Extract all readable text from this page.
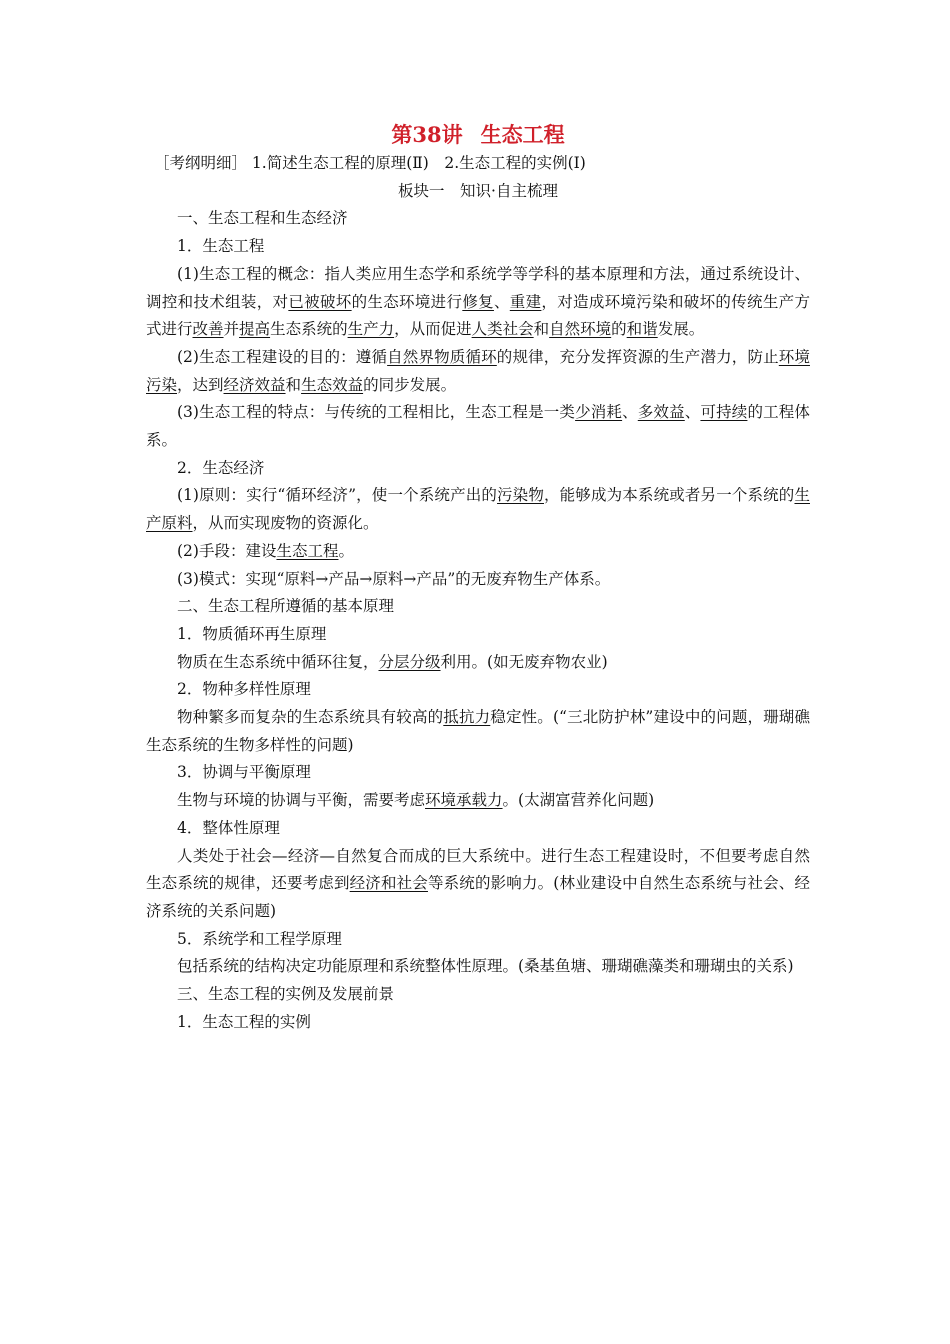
第38讲 生态工程
［考纲明细］ 1.简述生态工程的原理(Ⅱ)　2.生态工程的实例(Ⅰ)
板块一　知识·自主梳理
一、生态工程和生态经济
1．生态工程
(1)生态工程的概念：指人类应用生态学和系统学等学科的基本原理和方法，通过系统设计、调控和技术组装，对已被破坏的生态环境进行修复、重建，对造成环境污染和破坏的传统生产方式进行改善并提高生态系统的生产力，从而促进人类社会和自然环境的和谐发展。
(2)生态工程建设的目的：遵循自然界物质循环的规律，充分发挥资源的生产潜力，防止环境污染，达到经济效益和生态效益的同步发展。
(3)生态工程的特点：与传统的工程相比，生态工程是一类少消耗、多效益、可持续的工程体系。
2．生态经济
(1)原则：实行“循环经济”，使一个系统产出的污染物，能够成为本系统或者另一个系统的生产原料，从而实现废物的资源化。
(2)手段：建设生态工程。
(3)模式：实现“原料→产品→原料→产品”的无废弃物生产体系。
二、生态工程所遵循的基本原理
1．物质循环再生原理
物质在生态系统中循环往复，分层分级利用。(如无废弃物农业)
2．物种多样性原理
物种繁多而复杂的生态系统具有较高的抵抗力稳定性。(“三北防护林”建设中的问题，珊瑚礁生态系统的生物多样性的问题)
3．协调与平衡原理
生物与环境的协调与平衡，需要考虑环境承载力。(太湖富营养化问题)
4．整体性原理
人类处于社会—经济—自然复合而成的巨大系统中。进行生态工程建设时，不但要考虑自然生态系统的规律，还要考虑到经济和社会等系统的影响力。(林业建设中自然生态系统与社会、经济系统的关系问题)
5．系统学和工程学原理
包括系统的结构决定功能原理和系统整体性原理。(桑基鱼塘、珊瑚礁藻类和珊瑚虫的关系)
三、生态工程的实例及发展前景
1．生态工程的实例
